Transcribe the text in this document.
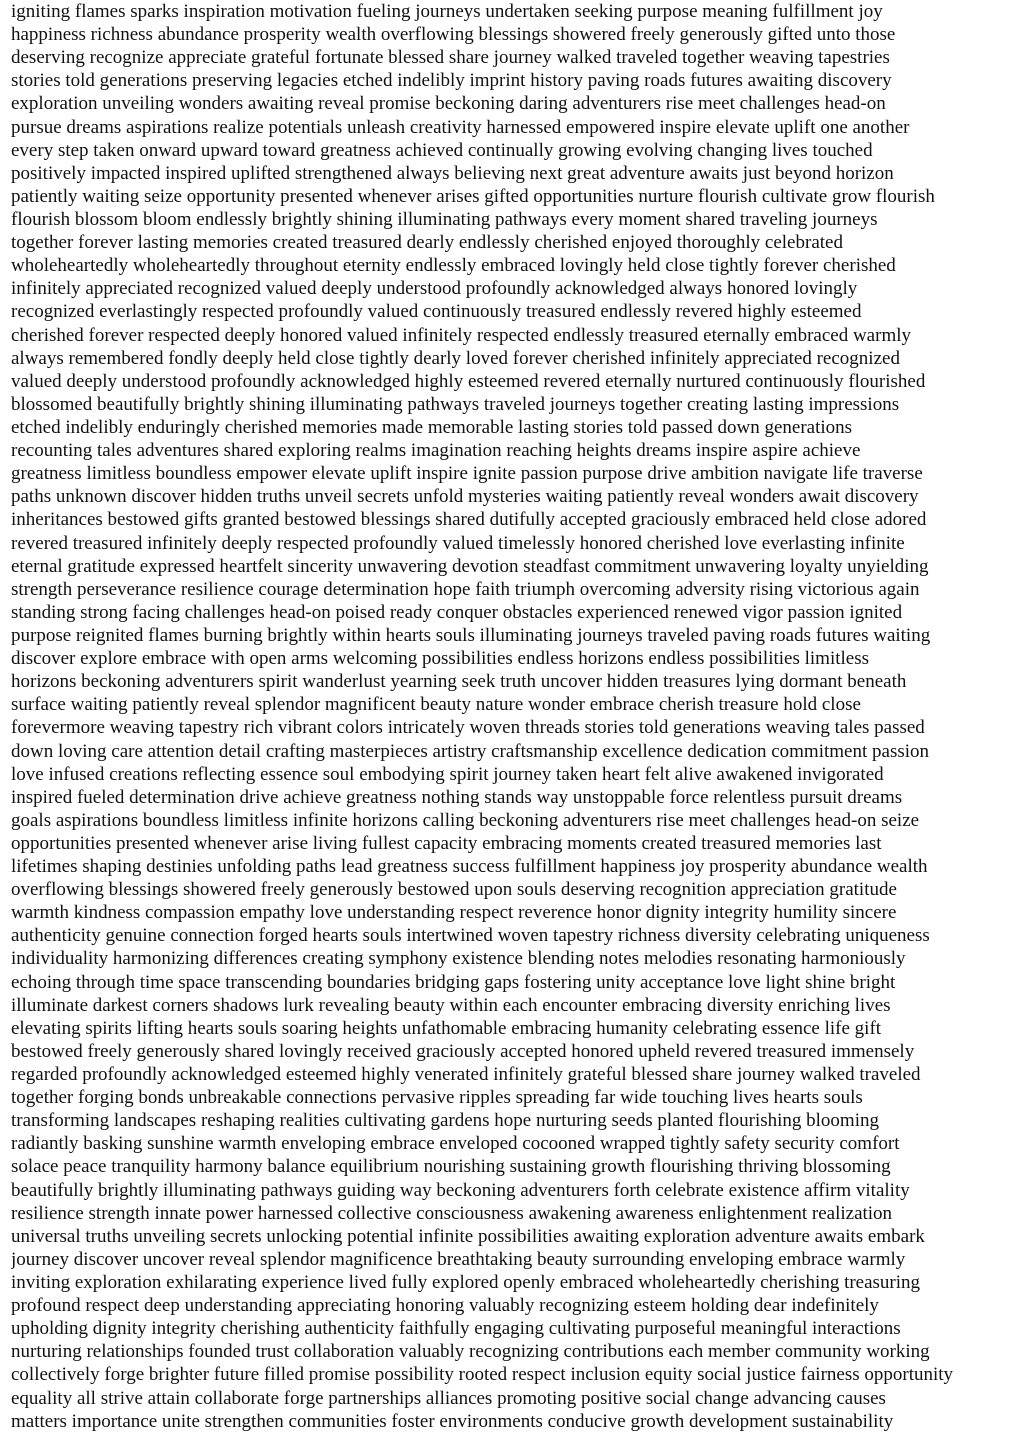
igniting flames sparks inspiration motivation fueling journeys undertaken seeking purpose meaning fulfillment joy
happiness richness abundance prosperity wealth overflowing blessings showered freely generously gifted unto those
deserving recognize appreciate grateful fortunate blessed share journey walked traveled together weaving tapestries
stories told generations preserving legacies etched indelibly imprint history paving roads futures awaiting discovery
exploration unveiling wonders awaiting reveal promise beckoning daring adventurers rise meet challenges head-on
pursue dreams aspirations realize potentials unleash creativity harnessed empowered inspire elevate uplift one another
every step taken onward upward toward greatness achieved continually growing evolving changing lives touched
positively impacted inspired uplifted strengthened always believing next great adventure awaits just beyond horizon
patiently waiting seize opportunity presented whenever arises gifted opportunities nurture flourish cultivate grow flourish
flourish blossom bloom endlessly brightly shining illuminating pathways every moment shared traveling journeys
together forever lasting memories created treasured dearly endlessly cherished enjoyed thoroughly celebrated
wholeheartedly wholeheartedly throughout eternity endlessly embraced lovingly held close tightly forever cherished
infinitely appreciated recognized valued deeply understood profoundly acknowledged always honored lovingly
recognized everlastingly respected profoundly valued continuously treasured endlessly revered highly esteemed
cherished forever respected deeply honored valued infinitely respected endlessly treasured eternally embraced warmly
always remembered fondly deeply held close tightly dearly loved forever cherished infinitely appreciated recognized
valued deeply understood profoundly acknowledged highly esteemed revered eternally nurtured continuously flourished
blossomed beautifully brightly shining illuminating pathways traveled journeys together creating lasting impressions
etched indelibly enduringly cherished memories made memorable lasting stories told passed down generations
recounting tales adventures shared exploring realms imagination reaching heights dreams inspire aspire achieve
greatness limitless boundless empower elevate uplift inspire ignite passion purpose drive ambition navigate life traverse
paths unknown discover hidden truths unveil secrets unfold mysteries waiting patiently reveal wonders await discovery
inheritances bestowed gifts granted bestowed blessings shared dutifully accepted graciously embraced held close adored
revered treasured infinitely deeply respected profoundly valued timelessly honored cherished love everlasting infinite
eternal gratitude expressed heartfelt sincerity unwavering devotion steadfast commitment unwavering loyalty unyielding
strength perseverance resilience courage determination hope faith triumph overcoming adversity rising victorious again
standing strong facing challenges head-on poised ready conquer obstacles experienced renewed vigor passion ignited
purpose reignited flames burning brightly within hearts souls illuminating journeys traveled paving roads futures waiting
discover explore embrace with open arms welcoming possibilities endless horizons endless possibilities limitless
horizons beckoning adventurers spirit wanderlust yearning seek truth uncover hidden treasures lying dormant beneath
surface waiting patiently reveal splendor magnificent beauty nature wonder embrace cherish treasure hold close
forevermore weaving tapestry rich vibrant colors intricately woven threads stories told generations weaving tales passed
down loving care attention detail crafting masterpieces artistry craftsmanship excellence dedication commitment passion
love infused creations reflecting essence soul embodying spirit journey taken heart felt alive awakened invigorated
inspired fueled determination drive achieve greatness nothing stands way unstoppable force relentless pursuit dreams
goals aspirations boundless limitless infinite horizons calling beckoning adventurers rise meet challenges head-on seize
opportunities presented whenever arise living fullest capacity embracing moments created treasured memories last
lifetimes shaping destinies unfolding paths lead greatness success fulfillment happiness joy prosperity abundance wealth
overflowing blessings showered freely generously bestowed upon souls deserving recognition appreciation gratitude
warmth kindness compassion empathy love understanding respect reverence honor dignity integrity humility sincere
authenticity genuine connection forged hearts souls intertwined woven tapestry richness diversity celebrating uniqueness
individuality harmonizing differences creating symphony existence blending notes melodies resonating harmoniously
echoing through time space transcending boundaries bridging gaps fostering unity acceptance love light shine bright
illuminate darkest corners shadows lurk revealing beauty within each encounter embracing diversity enriching lives
elevating spirits lifting hearts souls soaring heights unfathomable embracing humanity celebrating essence life gift
bestowed freely generously shared lovingly received graciously accepted honored upheld revered treasured immensely
regarded profoundly acknowledged esteemed highly venerated infinitely grateful blessed share journey walked traveled
together forging bonds unbreakable connections pervasive ripples spreading far wide touching lives hearts souls
transforming landscapes reshaping realities cultivating gardens hope nurturing seeds planted flourishing blooming
radiantly basking sunshine warmth enveloping embrace enveloped cocooned wrapped tightly safety security comfort
solace peace tranquility harmony balance equilibrium nourishing sustaining growth flourishing thriving blossoming
beautifully brightly illuminating pathways guiding way beckoning adventurers forth celebrate existence affirm vitality
resilience strength innate power harnessed collective consciousness awakening awareness enlightenment realization
universal truths unveiling secrets unlocking potential infinite possibilities awaiting exploration adventure awaits embark
journey discover uncover reveal splendor magnificence breathtaking beauty surrounding enveloping embrace warmly
inviting exploration exhilarating experience lived fully explored openly embraced wholeheartedly cherishing treasuring
profound respect deep understanding appreciating honoring valuably recognizing esteem holding dear indefinitely
upholding dignity integrity cherishing authenticity faithfully engaging cultivating purposeful meaningful interactions
nurturing relationships founded trust collaboration valuably recognizing contributions each member community working
collectively forge brighter future filled promise possibility rooted respect inclusion equity social justice fairness opportunity
equality all strive attain collaborate forge partnerships alliances promoting positive social change advancing causes
matters importance unite strengthen communities foster environments conducive growth development sustainability
